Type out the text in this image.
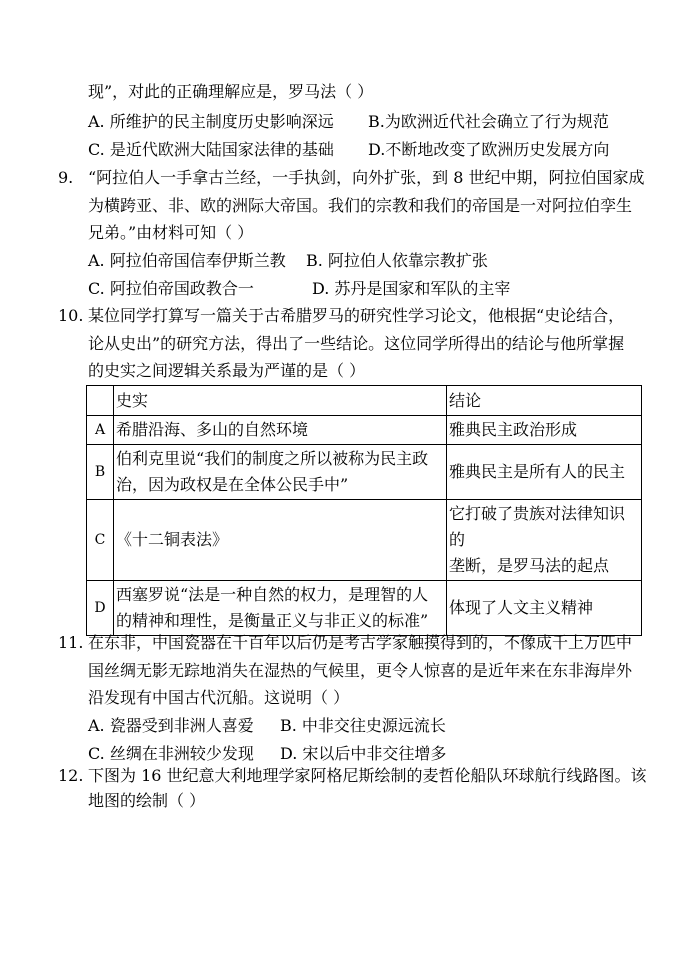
现”，对此的正确理解应是，罗马法（ ）
A. 所维护的民主制度历史影响深远 B.为欧洲近代社会确立了行为规范
C. 是近代欧洲大陆国家法律的基础 D.不断地改变了欧洲历史发展方向
9. “阿拉伯人一手拿古兰经，一手执剑，向外扩张，到 8 世纪中期，阿拉伯国家成
为横跨亚、非、欧的洲际大帝国。我们的宗教和我们的帝国是一对阿拉伯孪生
兄弟。”由材料可知（ ）
A. 阿拉伯帝国信奉伊斯兰教 B. 阿拉伯人依靠宗教扩张
C. 阿拉伯帝国政教合一	D. 苏丹是国家和军队的主宰
10. 某位同学打算写一篇关于古希腊罗马的研究性学习论文，他根据“史论结合，
论从史出”的研究方法，得出了一些结论。这位同学所得出的结论与他所掌握
的史实之间逻辑关系最为严谨的是（ ）
	史实	结论
A	希腊沿海、多山的自然环境	雅典民主政治形成

B	伯利克里说“我们的制度之所以被称为民主政
治，因为政权是在全体公民手中”	雅典民主是所有人的民主

C	《十二铜表法》	它打破了贵族对法律知识的
垄断，是罗马法的起点

D	西塞罗说“法是一种自然的权力，是理智的人
的精神和理性，是衡量正义与非正义的标准”	体现了人文主义精神
11. 在东非，中国瓷器在千百年以后仍是考古学家触摸得到的，不像成千上万匹中
国丝绸无影无踪地消失在湿热的气候里，更令人惊喜的是近年来在东非海岸外
沿发现有中国古代沉船。这说明（ ）
A. 瓷器受到非洲人喜爱 B. 中非交往史源远流长
C. 丝绸在非洲较少发现 D. 宋以后中非交往增多
12. 下图为 16 世纪意大利地理学家阿格尼斯绘制的麦哲伦船队环球航行线路图。该
地图的绘制（ ）
